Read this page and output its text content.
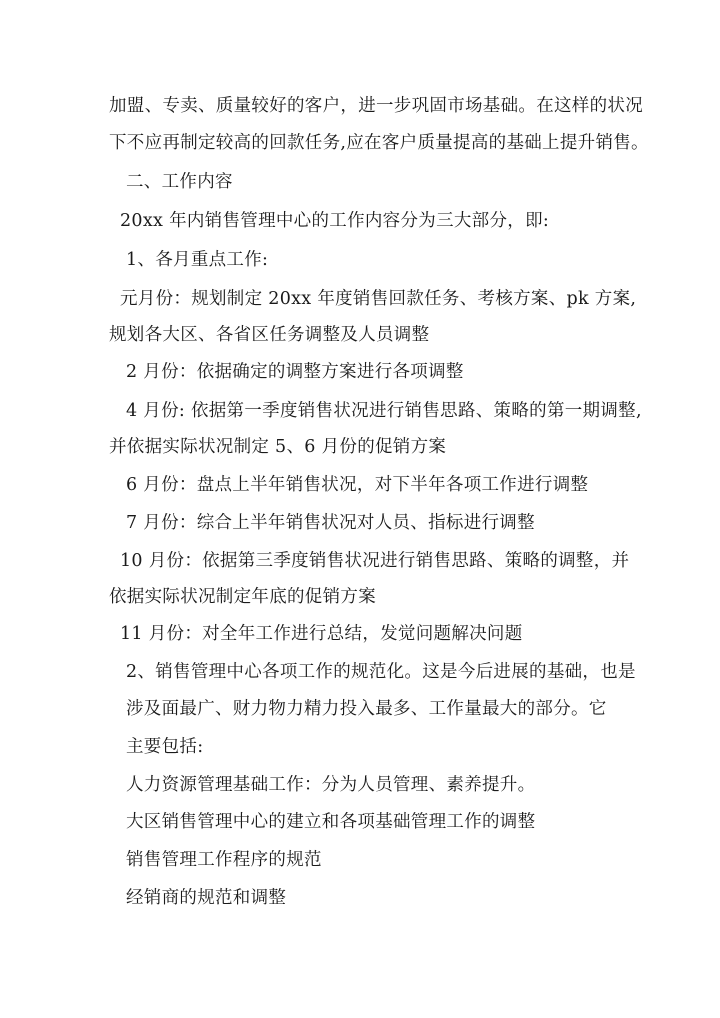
加盟、专卖、质量较好的客户，进一步巩固市场基础。在这样的状况
下不应再制定较高的回款任务,应在客户质量提高的基础上提升销售。
二、工作内容
20xx 年内销售管理中心的工作内容分为三大部分，即:
1、各月重点工作:
元月份：规划制定 20xx 年度销售回款任务、考核方案、pk 方案,
规划各大区、各省区任务调整及人员调整
2 月份：依据确定的调整方案进行各项调整
4 月份: 依据第一季度销售状况进行销售思路、策略的第一期调整,
并依据实际状况制定 5、6 月份的促销方案
6 月份：盘点上半年销售状况，对下半年各项工作进行调整
7 月份：综合上半年销售状况对人员、指标进行调整
10 月份：依据第三季度销售状况进行销售思路、策略的调整，并
依据实际状况制定年底的促销方案
11 月份：对全年工作进行总结，发觉问题解决问题
2、销售管理中心各项工作的规范化。这是今后进展的基础，也是
涉及面最广、财力物力精力投入最多、工作量最大的部分。它
主要包括:
人力资源管理基础工作：分为人员管理、素养提升。
大区销售管理中心的建立和各项基础管理工作的调整
销售管理工作程序的规范
经销商的规范和调整
